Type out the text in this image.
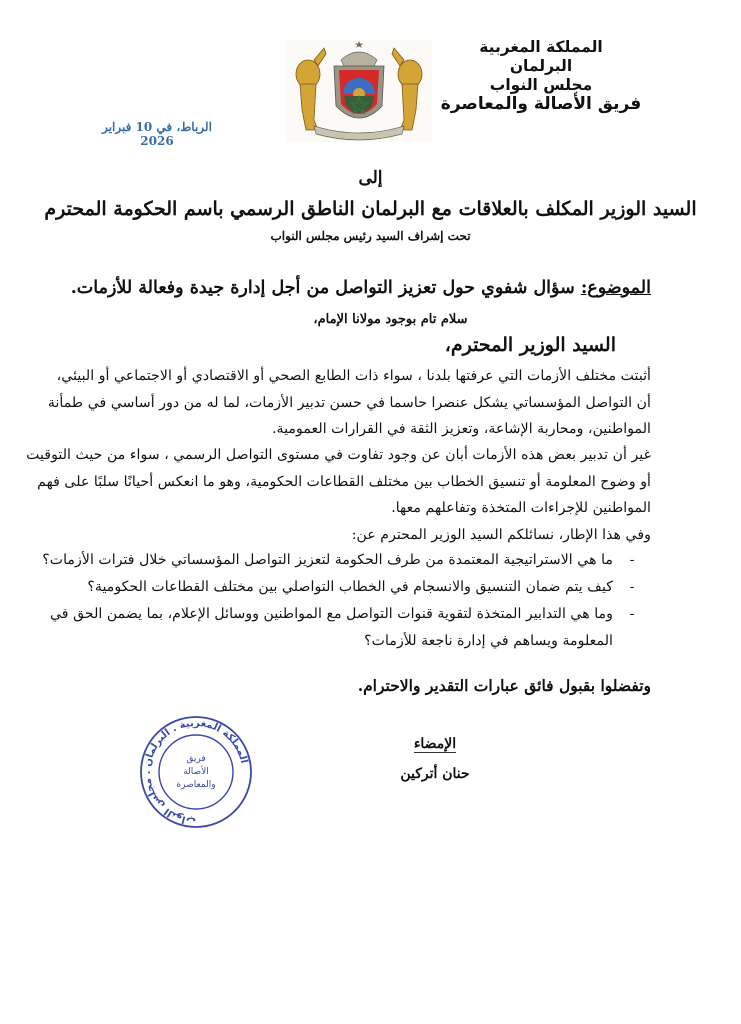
المملكة المغربية
البرلمان
مجلس النواب
فريق الأصالة والمعاصرة
الرباط، في 10 فبراير 2026
إلى
السيد الوزير المكلف بالعلاقات مع البرلمان الناطق الرسمي باسم الحكومة المحترم
تحت إشراف السيد رئيس مجلس النواب
الموضوع: سؤال شفوي حول تعزيز التواصل من أجل إدارة جيدة وفعالة للأزمات.
سلام تام بوجود مولانا الإمام،
السيد الوزير المحترم،
أثبتت مختلف الأزمات التي عرفتها بلدنا ، سواء ذات الطابع الصحي أو الاقتصادي أو الاجتماعي أو البيئي،
أن التواصل المؤسساتي يشكل عنصرا حاسما في حسن تدبير الأزمات، لما له من دور أساسي في طمأنة
المواطنين، ومحاربة الإشاعة، وتعزيز الثقة في القرارات العمومية.
غير أن تدبير بعض هذه الأزمات أبان عن وجود تفاوت في مستوى التواصل الرسمي ، سواء من حيث التوقيت
أو وضوح المعلومة أو تنسيق الخطاب بين مختلف القطاعات الحكومية، وهو ما انعكس أحيانًا سلبًا على فهم
المواطنين للإجراءات المتخذة وتفاعلهم معها.
وفي هذا الإطار، نسائلكم السيد الوزير المحترم عن:
-
ما هي الاستراتيجية المعتمدة من طرف الحكومة لتعزيز التواصل المؤسساتي خلال فترات الأزمات؟
-
كيف يتم ضمان التنسيق والانسجام في الخطاب التواصلي بين مختلف القطاعات الحكومية؟
-
وما هي التدابير المتخذة لتقوية قنوات التواصل مع المواطنين ووسائل الإعلام، بما يضمن الحق في
المعلومة ويساهم في إدارة ناجعة للأزمات؟
وتفضلوا بقبول فائق عبارات التقدير والاحترام.
المملكة المغربية . البرلمان . مجلس النواب
فريق
الأصالة
والمعاصرة
الإمضاء
حنان أتركين
